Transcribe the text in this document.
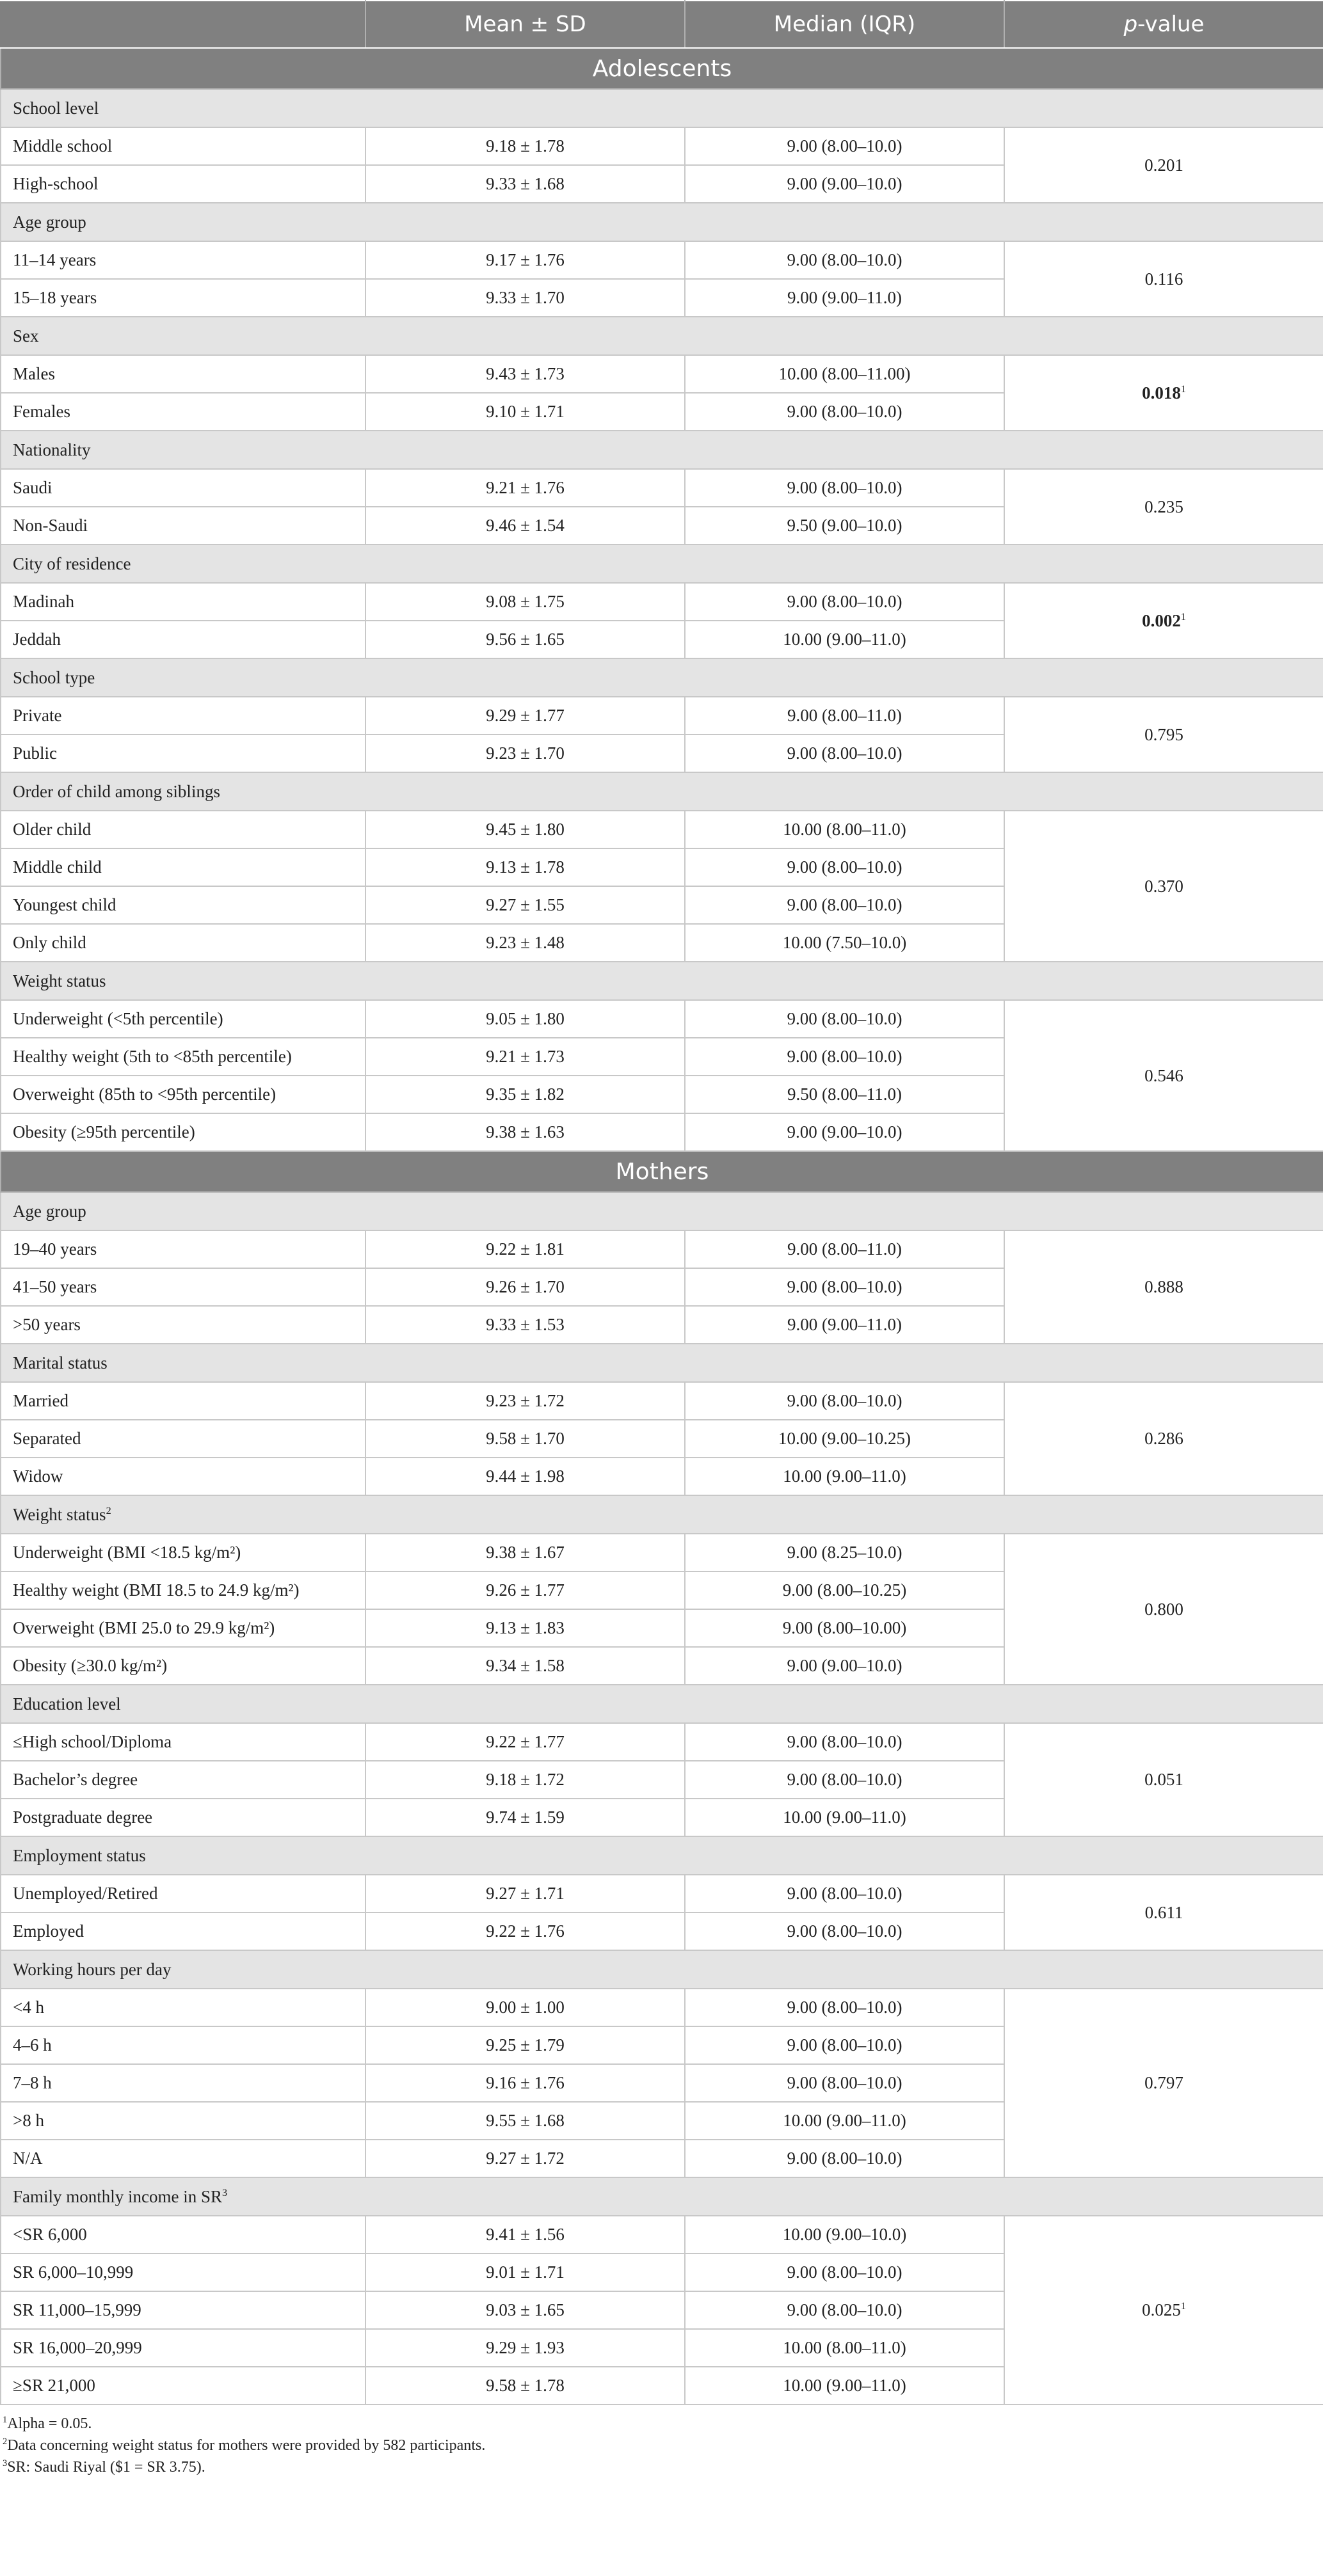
	Mean ± SD	Median (IQR)	p-value
Adolescents			
School level			
Middle school	9.18 ± 1.78	9.00 (8.00–10.0)	0.201
High-school	9.33 ± 1.68	9.00 (9.00–10.0)	
Age group			
11–14 years	9.17 ± 1.76	9.00 (8.00–10.0)	0.116
15–18 years	9.33 ± 1.70	9.00 (9.00–11.0)	
Sex			
Males	9.43 ± 1.73	10.00 (8.00–11.00)	0.018$^1$
Females	9.10 ± 1.71	9.00 (8.00–10.0)	
Nationality			
Saudi	9.21 ± 1.76	9.00 (8.00–10.0)	0.235
Non-Saudi	9.46 ± 1.54	9.50 (9.00–10.0)	
City of residence			
Madinah	9.08 ± 1.75	9.00 (8.00–10.0)	0.002$^1$
Jeddah	9.56 ± 1.65	10.00 (9.00–11.0)	
School type			
Private	9.29 ± 1.77	9.00 (8.00–11.0)	0.795
Public	9.23 ± 1.70	9.00 (8.00–10.0)	
Order of child among siblings			
Older child	9.45 ± 1.80	10.00 (8.00–11.0)	0.370
Middle child	9.13 ± 1.78	9.00 (8.00–10.0)	
Youngest child	9.27 ± 1.55	9.00 (8.00–10.0)	
Only child	9.23 ± 1.48	10.00 (7.50–10.0)	
Weight status			
Underweight (<5th percentile)	9.05 ± 1.80	9.00 (8.00–10.0)	0.546
Healthy weight (5th to <85th percentile)	9.21 ± 1.73	9.00 (8.00–10.0)	
Overweight (85th to <95th percentile)	9.35 ± 1.82	9.50 (8.00–11.0)	
Obesity (≥95th percentile)	9.38 ± 1.63	9.00 (9.00–10.0)	
Mothers			
Age group			
19–40 years	9.22 ± 1.81	9.00 (8.00–11.0)	0.888
41–50 years	9.26 ± 1.70	9.00 (8.00–10.0)	
>50 years	9.33 ± 1.53	9.00 (9.00–11.0)	
Marital status			
Married	9.23 ± 1.72	9.00 (8.00–10.0)	0.286
Separated	9.58 ± 1.70	10.00 (9.00–10.25)	
Widow	9.44 ± 1.98	10.00 (9.00–11.0)	
Weight status$^2$
Underweight (BMI <18.5 kg/m²)	9.38 ± 1.67	9.00 (8.25–10.0)	0.800
Healthy weight (BMI 18.5 to 24.9 kg/m²)	9.26 ± 1.77	9.00 (8.00–10.25)	
Overweight (BMI 25.0 to 29.9 kg/m²)	9.13 ± 1.83	9.00 (8.00–10.00)	
Obesity (≥30.0 kg/m²)	9.34 ± 1.58	9.00 (9.00–10.0)	
Education level			
≤High school/Diploma	9.22 ± 1.77	9.00 (8.00–10.0)	0.051
Bachelor’s degree	9.18 ± 1.72	9.00 (8.00–10.0)	
Postgraduate degree	9.74 ± 1.59	10.00 (9.00–11.0)	
Employment status			
Unemployed/Retired	9.27 ± 1.71	9.00 (8.00–10.0)	0.611
Employed	9.22 ± 1.76	9.00 (8.00–10.0)	
Working hours per day			
<4 h	9.00 ± 1.00	9.00 (8.00–10.0)	0.797
4–6 h	9.25 ± 1.79	9.00 (8.00–10.0)	
7–8 h	9.16 ± 1.76	9.00 (8.00–10.0)	
>8 h	9.55 ± 1.68	10.00 (9.00–11.0)	
N/A	9.27 ± 1.72	9.00 (8.00–10.0)	
Family monthly income in $SR^3$
<SR 6,000	9.41 ± 1.56	10.00 (9.00–10.0)	0.025$^1$
SR 6,000–10,999	9.01 ± 1.71	9.00 (8.00–10.0)	
SR 11,000–15,999	9.03 ± 1.65	9.00 (8.00–10.0)	
SR 16,000–20,999	9.29 ± 1.93	10.00 (8.00–11.0)	
≥SR 21,000	9.58 ± 1.78	10.00 (9.00–11.0)	
$^1$Alpha = 0.05.
$^2$Data concerning weight status for mothers were provided by 582 participants.
$^3$SR: Saudi Riyal ($1 = SR 3.75).
